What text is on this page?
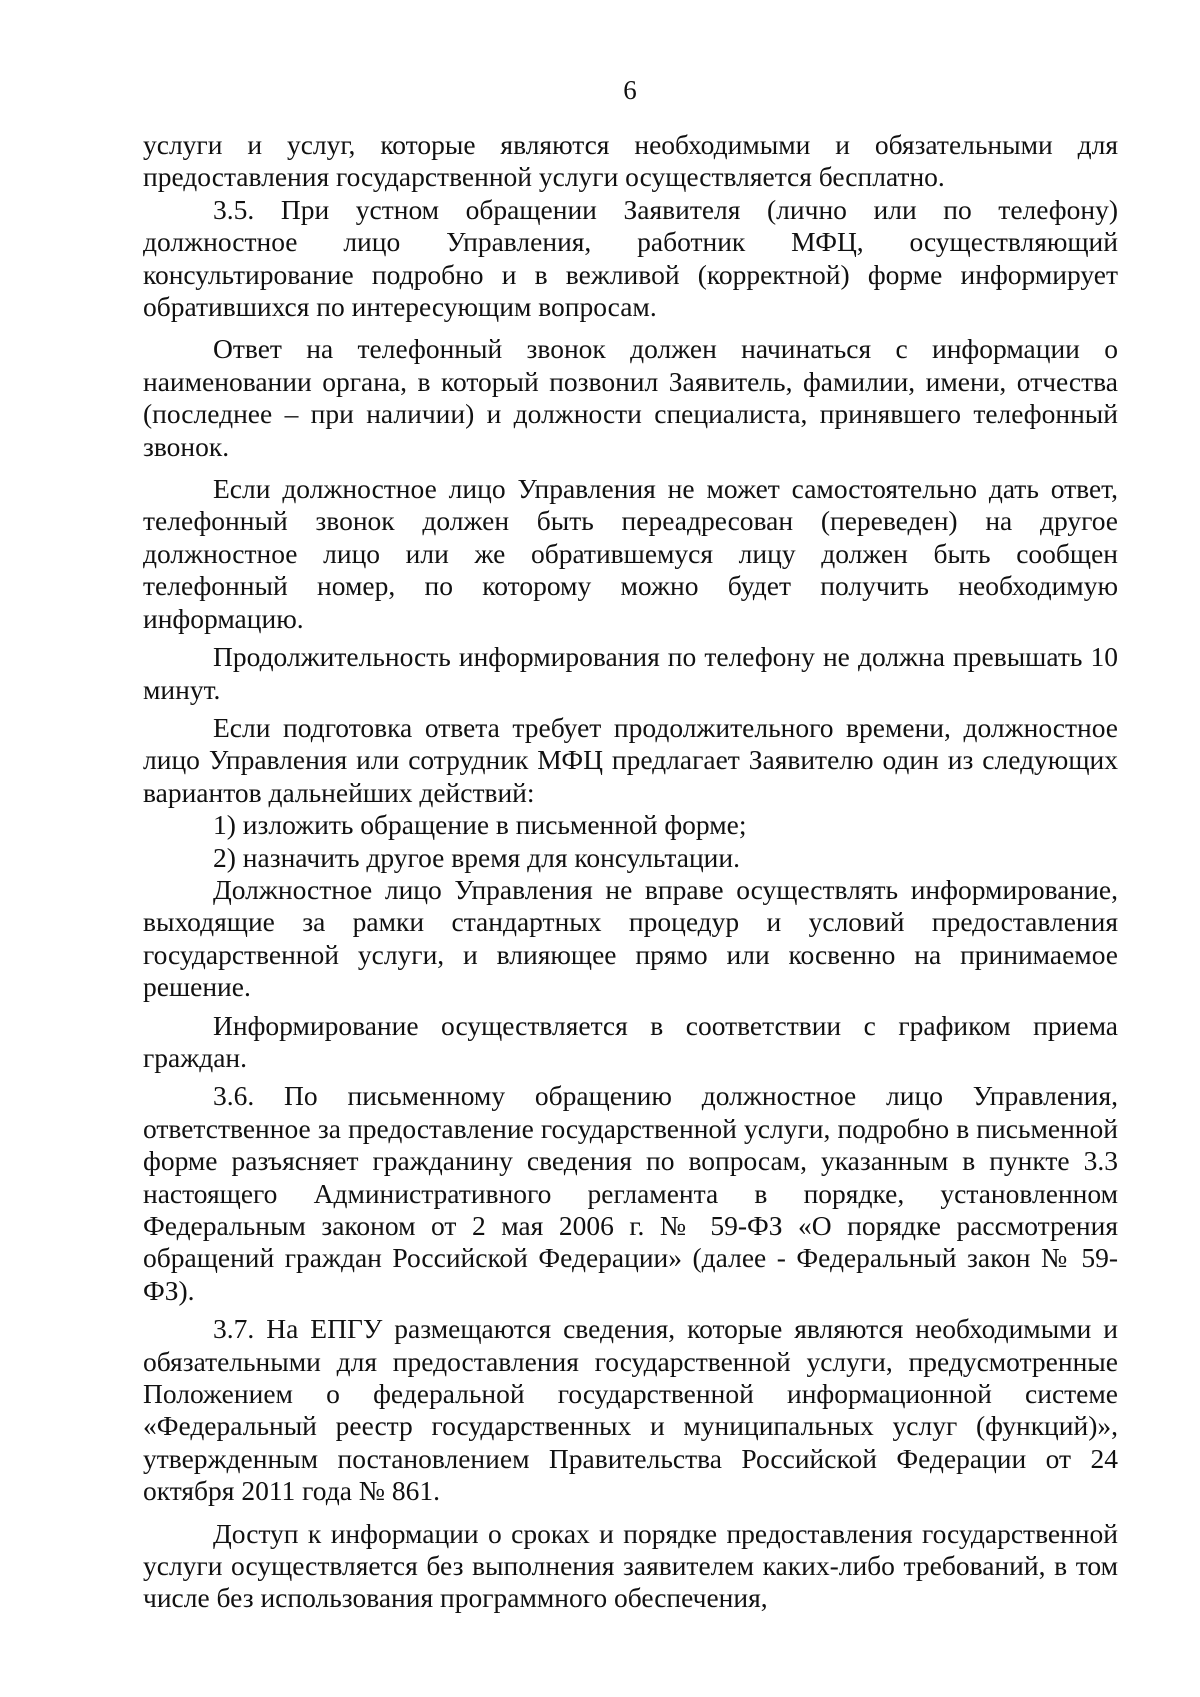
6

услуги и услуг, которые являются необходимыми и обязательными для предоставления государственной услуги осуществляется бесплатно.

3.5. При устном обращении Заявителя (лично или по телефону) должностное лицо Управления, работник МФЦ, осуществляющий консультирование подробно и в вежливой (корректной) форме информирует обратившихся по интересующим вопросам.

Ответ на телефонный звонок должен начинаться с информации о наименовании органа, в который позвонил Заявитель, фамилии, имени, отчества (последнее – при наличии) и должности специалиста, принявшего телефонный звонок.

Если должностное лицо Управления не может самостоятельно дать ответ, телефонный звонок должен быть переадресован (переведен) на другое должностное лицо или же обратившемуся лицу должен быть сообщен телефонный номер, по которому можно будет получить необходимую информацию.

Продолжительность информирования по телефону не должна превышать 10 минут.

Если подготовка ответа требует продолжительного времени, должностное лицо Управления или сотрудник МФЦ предлагает Заявителю один из следующих вариантов дальнейших действий:

1) изложить обращение в письменной форме;

2) назначить другое время для консультации.

Должностное лицо Управления не вправе осуществлять информирование, выходящие за рамки стандартных процедур и условий предоставления государственной услуги, и влияющее прямо или косвенно на принимаемое решение.

Информирование осуществляется в соответствии с графиком приема граждан.

3.6. По письменному обращению должностное лицо Управления, ответственное за предоставление государственной услуги, подробно в письменной форме разъясняет гражданину сведения по вопросам, указанным в пункте 3.3 настоящего Административного регламента в порядке, установленном Федеральным законом от 2 мая 2006 г. № 59-ФЗ «О порядке рассмотрения обращений граждан Российской Федерации» (далее - Федеральный закон № 59-ФЗ).

3.7. На ЕПГУ размещаются сведения, которые являются необходимыми и обязательными для предоставления государственной услуги, предусмотренные Положением о федеральной государственной информационной системе «Федеральный реестр государственных и муниципальных услуг (функций)», утвержденным постановлением Правительства Российской Федерации от 24 октября 2011 года № 861.

Доступ к информации о сроках и порядке предоставления государственной услуги осуществляется без выполнения заявителем каких-либо требований, в том числе без использования программного обеспечения,
